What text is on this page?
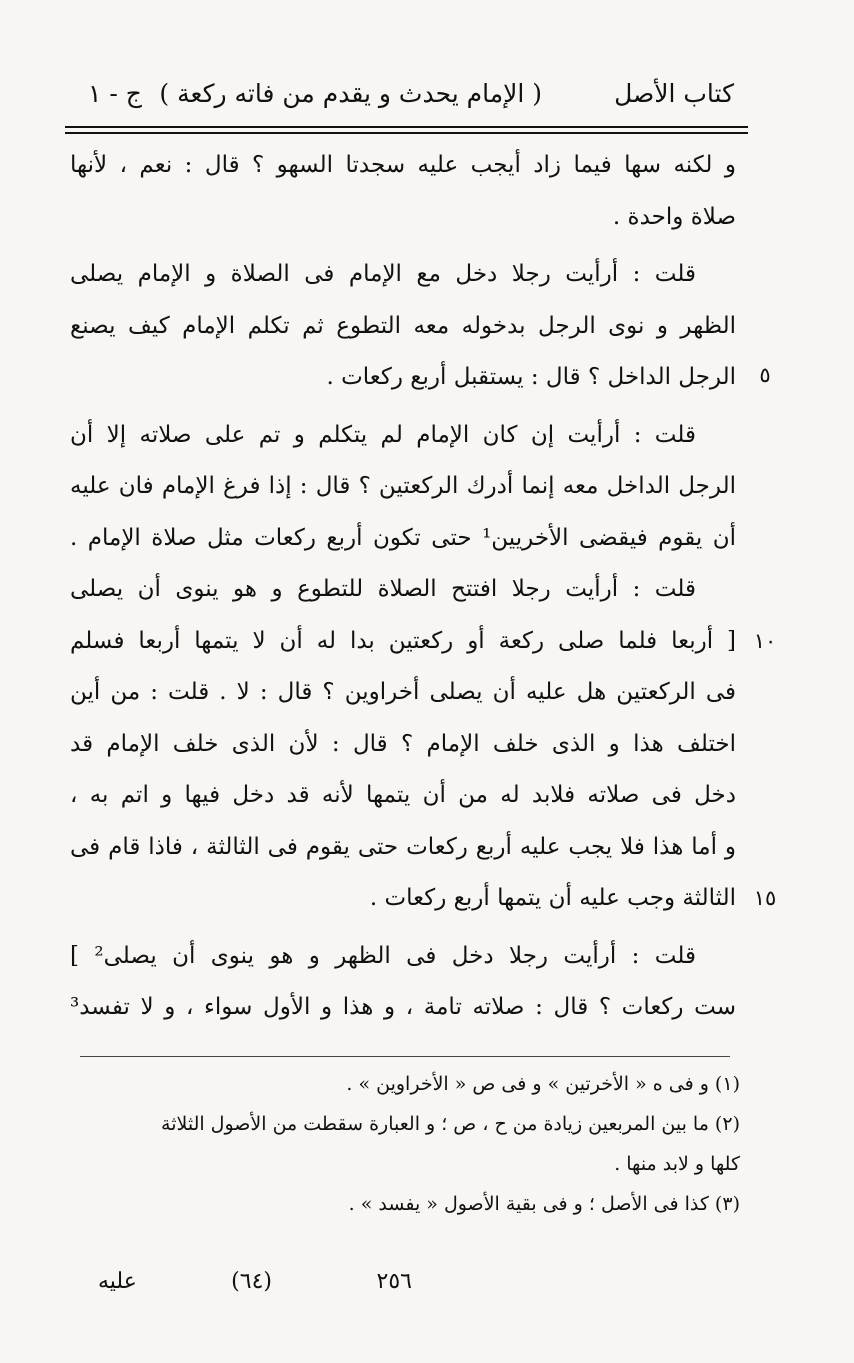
كتاب الأصل
( الإمام يحدث و يقدم من فاته ركعة )
ج - ١
و لكنه سها فيما زاد أيجب عليه سجدتا السهو ؟ قال : نعم ، لأنها
صلاة واحدة .
قلت : أرأيت رجلا دخل مع الإمام فى الصلاة و الإمام يصلى
الظهر و نوى الرجل بدخوله معه التطوع ثم تكلم الإمام كيف يصنع
الرجل الداخل ؟ قال : يستقبل أربع ركعات .
قلت : أرأيت إن كان الإمام لم يتكلم و تم على صلاته إلا أن
الرجل الداخل معه إنما أدرك الركعتين ؟ قال : إذا فرغ الإمام فان عليه
أن يقوم فيقضى الأخريين¹ حتى تكون أربع ركعات مثل صلاة الإمام .
قلت : أرأيت رجلا افتتح الصلاة للتطوع و هو ينوى أن يصلى
[ أربعا فلما صلى ركعة أو ركعتين بدا له أن لا يتمها أربعا فسلم
فى الركعتين هل عليه أن يصلى أخراوين ؟ قال : لا . قلت : من أين
اختلف هذا و الذى خلف الإمام ؟ قال : لأن الذى خلف الإمام قد
دخل فى صلاته فلابد له من أن يتمها لأنه قد دخل فيها و اتم به ،
و أما هذا فلا يجب عليه أربع ركعات حتى يقوم فى الثالثة ، فاذا قام فى
الثالثة وجب عليه أن يتمها أربع ركعات .
قلت : أرأيت رجلا دخل فى الظهر و هو ينوى أن يصلى² ]
ست ركعات ؟ قال : صلاته تامة ، و هذا و الأول سواء ، و لا تفسد³
٥
١٠
١٥
(١) و فى ه « الأخرتين » و فى ص « الأخراوين » .
(٢) ما بين المربعين زيادة من ح ، ص ؛ و العبارة سقطت من الأصول الثلاثة
كلها و لابد منها .
(٣) كذا فى الأصل ؛ و فى بقية الأصول « يفسد » .
٢٥٦
(٦٤)
عليه
